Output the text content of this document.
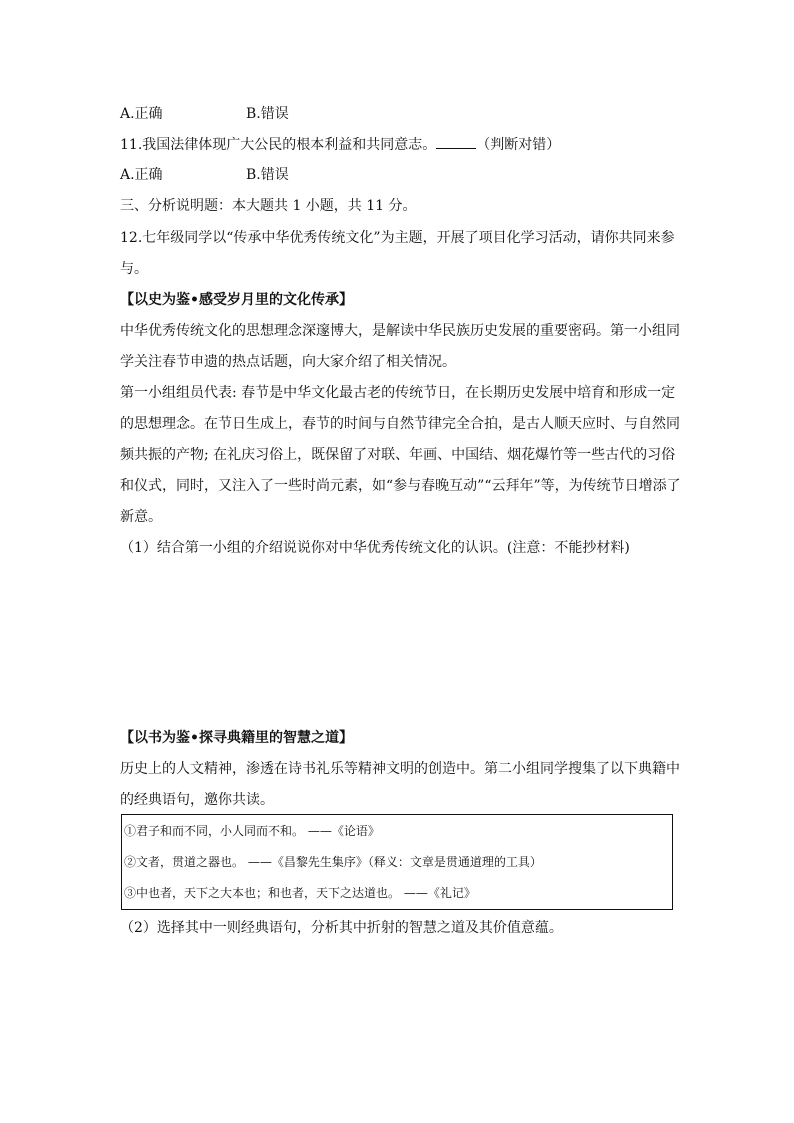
A.正确	B.错误
11.我国法律体现广大公民的根本利益和共同意志。	（判断对错）
A.正确	B.错误
三、分析说明题：本大题共 1 小题，共 11 分。
12.七年级同学以“传承中华优秀传统文化”为主题，开展了项目化学习活动，请你共同来参
与。
【以史为鉴•感受岁月里的文化传承】
中华优秀传统文化的思想理念深邃博大，是解读中华民族历史发展的重要密码。第一小组同
学关注春节申遗的热点话题，向大家介绍了相关情况。
第一小组组员代表: 春节是中华文化最古老的传统节日，在长期历史发展中培育和形成一定
的思想理念。在节日生成上，春节的时间与自然节律完全合拍，是古人顺天应时、与自然同
频共振的产物; 在礼庆习俗上，既保留了对联、年画、中国结、烟花爆竹等一些古代的习俗
和仪式，同时，又注入了一些时尚元素，如“参与春晚互动”“云拜年”等，为传统节日增添了
新意。
（1）结合第一小组的介绍说说你对中华优秀传统文化的认识。(注意：不能抄材料)
【以书为鉴•探寻典籍里的智慧之道】
历史上的人文精神，渗透在诗书礼乐等精神文明的创造中。第二小组同学搜集了以下典籍中
的经典语句，邀你共读。
①君子和而不同，小人同而不和。 ——《论语》
②文者，贯道之器也。 ——《昌黎先生集序》（释义：文章是贯通道理的工具）
③中也者，天下之大本也；和也者，天下之达道也。 ——《礼记》
（2）选择其中一则经典语句，分析其中折射的智慧之道及其价值意蕴。
